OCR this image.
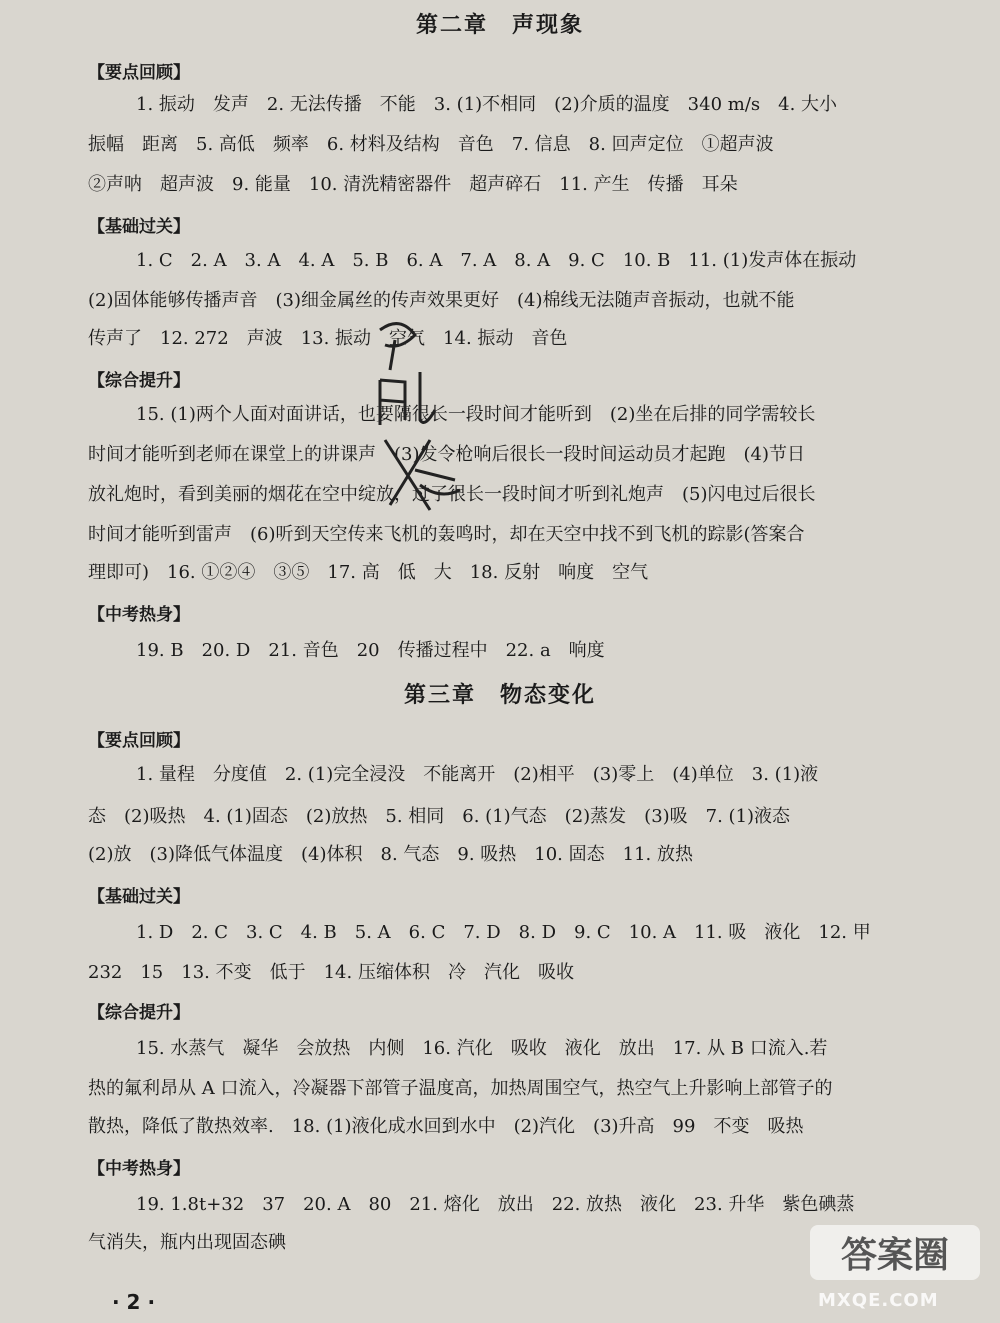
第二章　声现象
【要点回顾】
1. 振动　发声　2. 无法传播　不能　3. (1)不相同　(2)介质的温度　340 m/s　4. 大小
振幅　距离　5. 高低　频率　6. 材料及结构　音色　7. 信息　8. 回声定位　①超声波
②声呐　超声波　9. 能量　10. 清洗精密器件　超声碎石　11. 产生　传播　耳朵
【基础过关】
1. C　2. A　3. A　4. A　5. B　6. A　7. A　8. A　9. C　10. B　11. (1)发声体在振动
(2)固体能够传播声音　(3)细金属丝的传声效果更好　(4)棉线无法随声音振动，也就不能
传声了　12. 272　声波　13. 振动　空气　14. 振动　音色
【综合提升】
15. (1)两个人面对面讲话，也要隔很长一段时间才能听到　(2)坐在后排的同学需较长
时间才能听到老师在课堂上的讲课声　(3)发令枪响后很长一段时间运动员才起跑　(4)节日
放礼炮时，看到美丽的烟花在空中绽放，过了很长一段时间才听到礼炮声　(5)闪电过后很长
时间才能听到雷声　(6)听到天空传来飞机的轰鸣时，却在天空中找不到飞机的踪影(答案合
理即可)　16. ①②④　③⑤　17. 高　低　大　18. 反射　响度　空气
【中考热身】
19. B　20. D　21. 音色　20　传播过程中　22. a　响度
第三章　物态变化
【要点回顾】
1. 量程　分度值　2. (1)完全浸没　不能离开　(2)相平　(3)零上　(4)单位　3. (1)液
态　(2)吸热　4. (1)固态　(2)放热　5. 相同　6. (1)气态　(2)蒸发　(3)吸　7. (1)液态
(2)放　(3)降低气体温度　(4)体积　8. 气态　9. 吸热　10. 固态　11. 放热
【基础过关】
1. D　2. C　3. C　4. B　5. A　6. C　7. D　8. D　9. C　10. A　11. 吸　液化　12. 甲
232　15　13. 不变　低于　14. 压缩体积　冷　汽化　吸收
【综合提升】
15. 水蒸气　凝华　会放热　内侧　16. 汽化　吸收　液化　放出　17. 从 B 口流入.若
热的氟利昂从 A 口流入，冷凝器下部管子温度高，加热周围空气，热空气上升影响上部管子的
散热，降低了散热效率.　18. (1)液化成水回到水中　(2)汽化　(3)升高　99　不变　吸热
【中考热身】
19. 1.8t+32　37　20. A　80　21. 熔化　放出　22. 放热　液化　23. 升华　紫色碘蒸
气消失，瓶内出现固态碘
· 2 ·
答案圈
MXQE.COM
